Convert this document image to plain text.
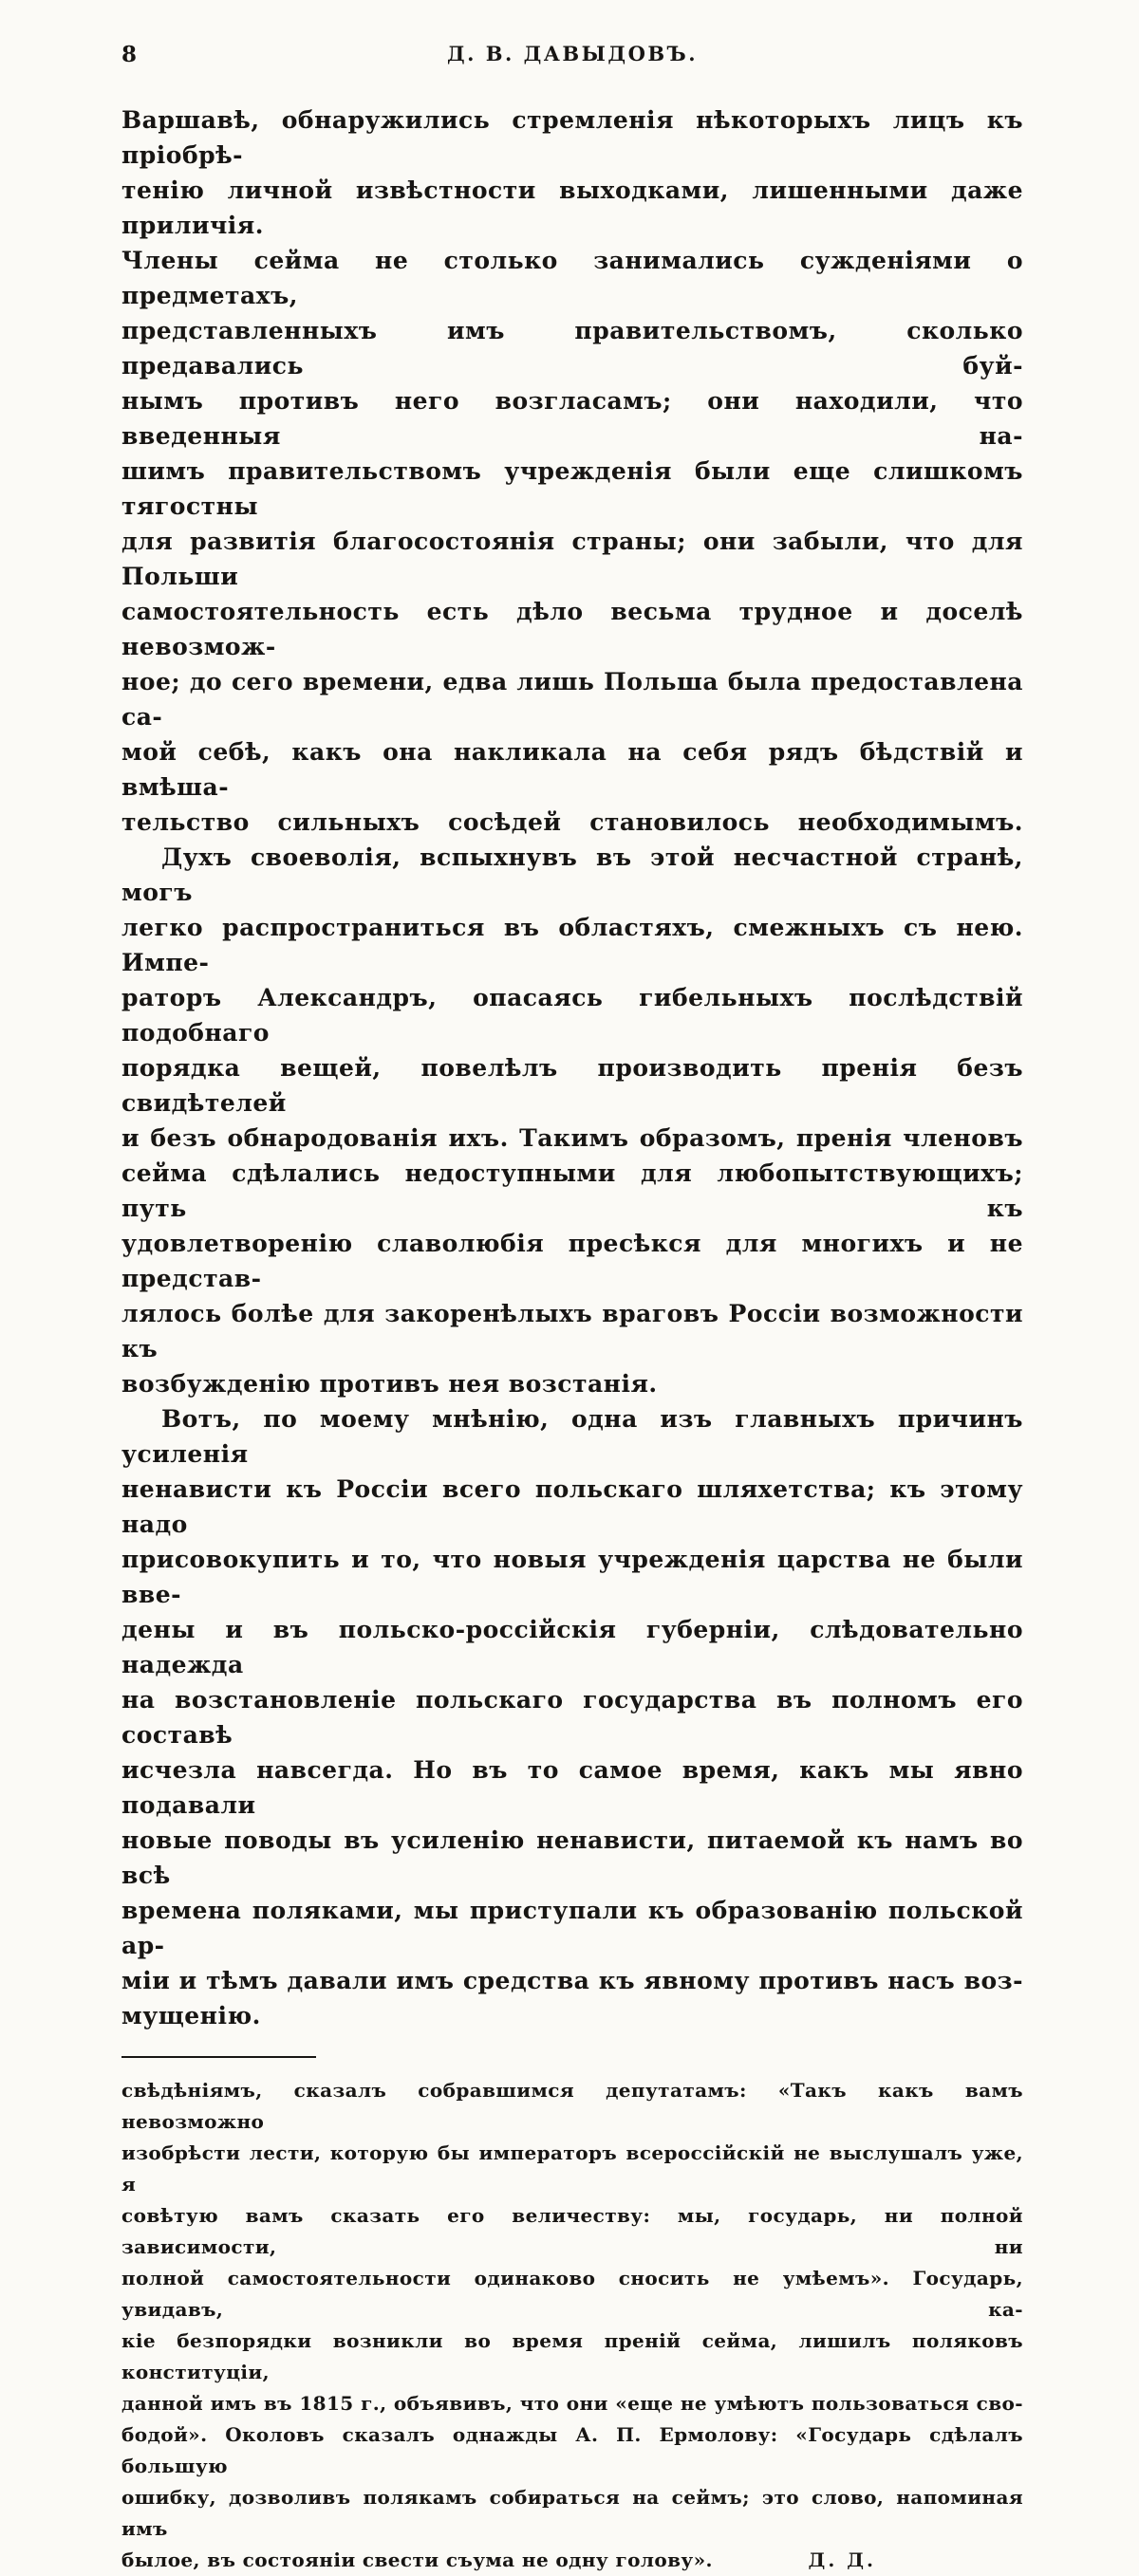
8	Д. В. ДАВЫДОВЪ.
Варшавѣ, обнаружились стремленія нѣкоторыхъ лицъ къ пріобрѣ-
тенію личной извѣстности выходками, лишенными даже приличія.
Члены сейма не столько занимались сужденіями о предметахъ,
представленныхъ имъ правительствомъ, сколько предавались буй-
нымъ противъ него возгласамъ; они находили, что введенныя на-
шимъ правительствомъ учрежденія были еще слишкомъ тягостны
для развитія благосостоянія страны; они забыли, что для Польши
самостоятельность есть дѣло весьма трудное и доселѣ невозмож-
ное; до сего времени, едва лишь Польша была предоставлена са-
мой себѣ, какъ она накликала на себя рядъ бѣдствій и вмѣша-
тельство сильныхъ сосѣдей становилось необходимымъ.
Духъ своеволія, вспыхнувъ въ этой несчастной странѣ, могъ
легко распространиться въ областяхъ, смежныхъ съ нею. Импе-
раторъ Александръ, опасаясь гибельныхъ послѣдствій подобнаго
порядка вещей, повелѣлъ производить пренія безъ свидѣтелей
и безъ обнародованія ихъ. Такимъ образомъ, пренія членовъ
сейма сдѣлались недоступными для любопытствующихъ; путь къ
удовлетворенію славолюбія пресѣкся для многихъ и не представ-
лялось болѣе для закоренѣлыхъ враговъ Россіи возможности къ
возбужденію противъ нея возстанія.
Вотъ, по моему мнѣнію, одна изъ главныхъ причинъ усиленія
ненависти къ Россіи всего польскаго шляхетства; къ этому надо
присовокупить и то, что новыя учрежденія царства не были вве-
дены и въ польско-россійскія губерніи, слѣдовательно надежда
на возстановленіе польскаго государства въ полномъ его составѣ
исчезла навсегда. Но въ то самое время, какъ мы явно подавали
новые поводы въ усиленію ненависти, питаемой къ намъ во всѣ
времена поляками, мы приступали къ образованію польской ар-
міи и тѣмъ давали имъ средства къ явному противъ насъ воз-
мущенію.
свѣдѣніямъ, сказалъ собравшимся депутатамъ: «Такъ какъ вамъ невозможно
изобрѣсти лести, которую бы императоръ всероссійскій не выслушалъ уже, я
совѣтую вамъ сказать его величеству: мы, государь, ни полной зависимости, ни
полной самостоятельности одинаково сносить не умѣемъ». Государь, увидавъ, ка-
кіе безпорядки возникли во время преній сейма, лишилъ поляковъ конституціи,
данной имъ въ 1815 г., объявивъ, что они «еще не умѣютъ пользоваться сво-
бодой». Околовъ сказалъ однажды А. П. Ермолову: «Государь сдѣлалъ большую
ошибку, дозволивъ полякамъ собираться на сеймъ; это слово, напоминая имъ
былое, въ состояніи свести съума не одну голову».	Д. Д.
